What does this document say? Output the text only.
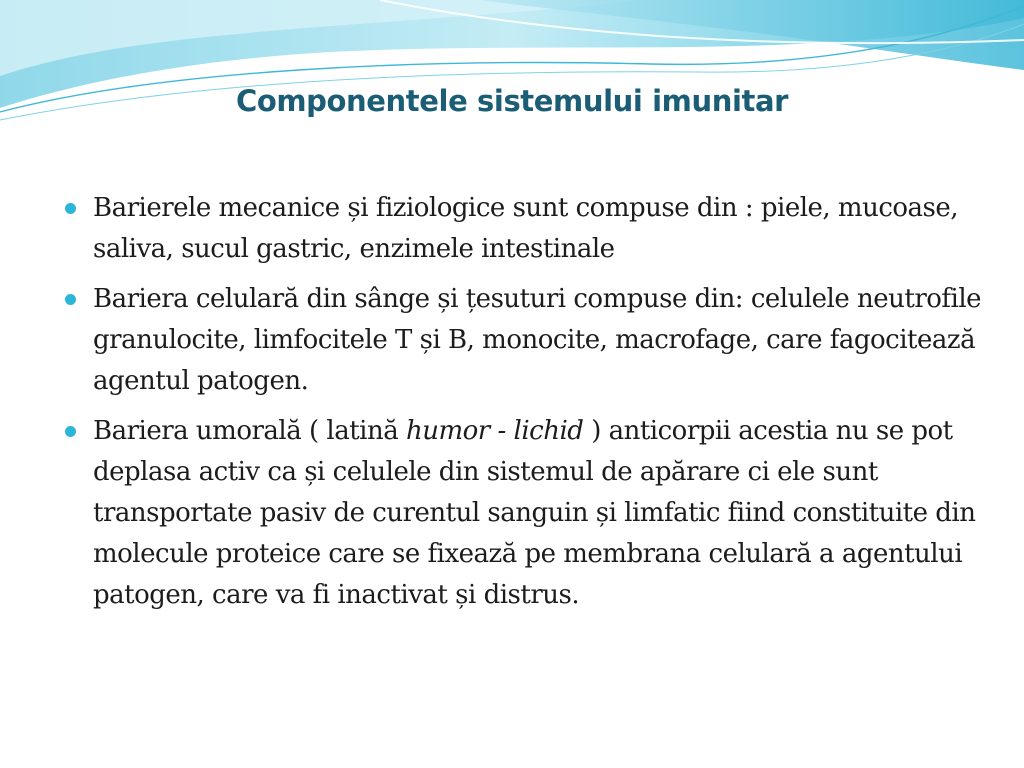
Componentele sistemului imunitar
Barierele mecanice și fiziologice sunt compuse din : piele, mucoase, saliva, sucul gastric, enzimele intestinale
Bariera celulară din sânge și țesuturi compuse din: celulele neutrofile granulocite, limfocitele T și B, monocite, macrofage, care fagocitează agentul patogen.
Bariera umorală ( latină humor - lichid ) anticorpii acestia nu se pot deplasa activ ca și celulele din sistemul de apărare ci ele sunt transportate pasiv de curentul sanguin și limfatic fiind constituite din molecule proteice care se fixează pe membrana celulară a agentului patogen, care va fi inactivat și distrus.
